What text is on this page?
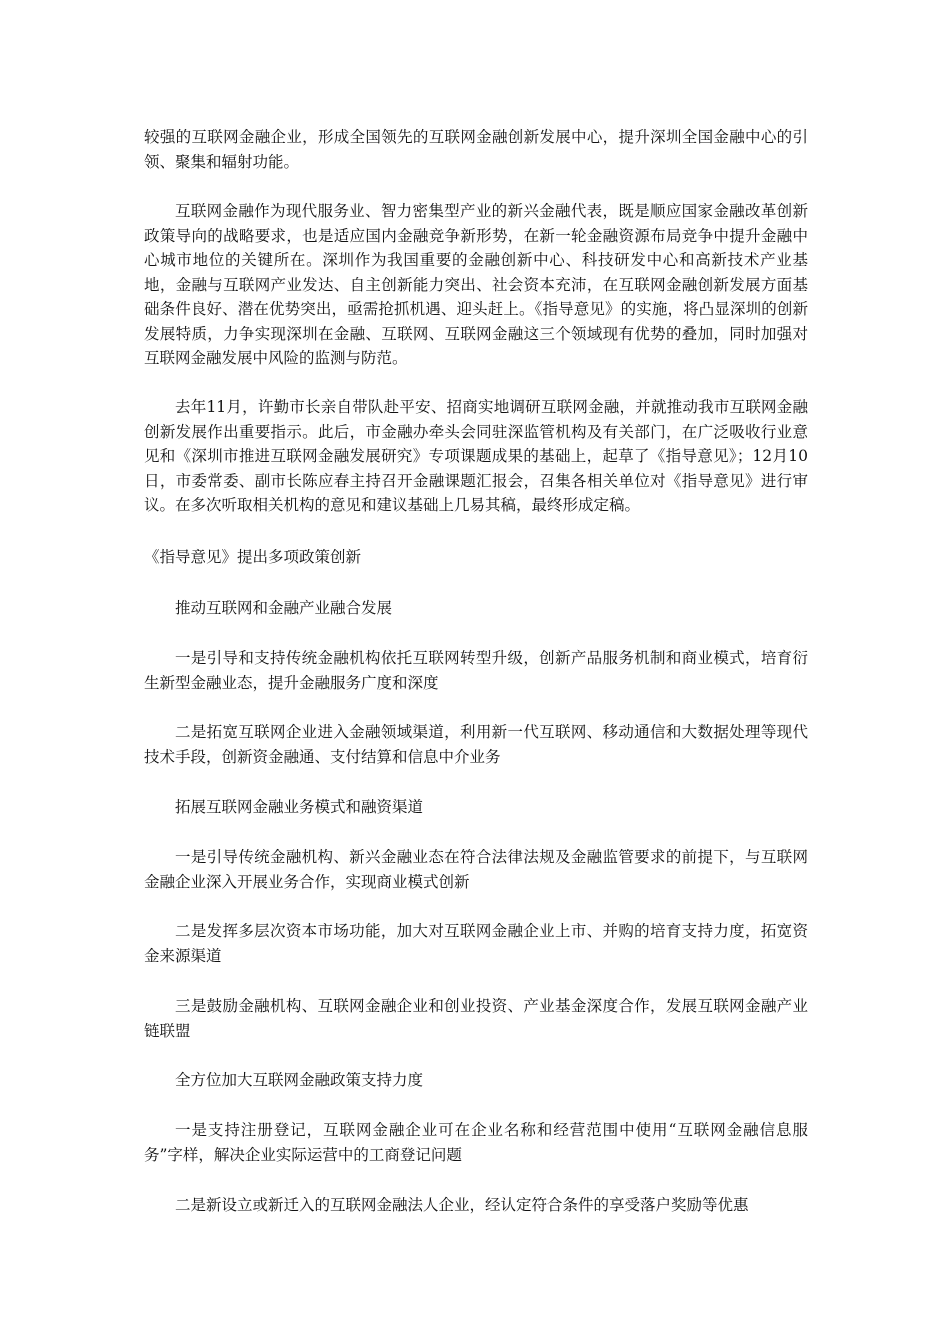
较强的互联网金融企业，形成全国领先的互联网金融创新发展中心，提升深圳全国金融中心的引领、聚集和辐射功能。

互联网金融作为现代服务业、智力密集型产业的新兴金融代表，既是顺应国家金融改革创新政策导向的战略要求，也是适应国内金融竞争新形势，在新一轮金融资源布局竞争中提升金融中心城市地位的关键所在。深圳作为我国重要的金融创新中心、科技研发中心和高新技术产业基地，金融与互联网产业发达、自主创新能力突出、社会资本充沛，在互联网金融创新发展方面基础条件良好、潜在优势突出，亟需抢抓机遇、迎头赶上。《指导意见》的实施，将凸显深圳的创新发展特质，力争实现深圳在金融、互联网、互联网金融这三个领域现有优势的叠加，同时加强对互联网金融发展中风险的监测与防范。

去年11月，许勤市长亲自带队赴平安、招商实地调研互联网金融，并就推动我市互联网金融创新发展作出重要指示。此后，市金融办牵头会同驻深监管机构及有关部门，在广泛吸收行业意见和《深圳市推进互联网金融发展研究》专项课题成果的基础上，起草了《指导意见》；12月10日，市委常委、副市长陈应春主持召开金融课题汇报会，召集各相关单位对《指导意见》进行审议。在多次听取相关机构的意见和建议基础上几易其稿，最终形成定稿。

《指导意见》提出多项政策创新

推动互联网和金融产业融合发展

一是引导和支持传统金融机构依托互联网转型升级，创新产品服务机制和商业模式，培育衍生新型金融业态，提升金融服务广度和深度

二是拓宽互联网企业进入金融领域渠道，利用新一代互联网、移动通信和大数据处理等现代技术手段，创新资金融通、支付结算和信息中介业务

拓展互联网金融业务模式和融资渠道

一是引导传统金融机构、新兴金融业态在符合法律法规及金融监管要求的前提下，与互联网金融企业深入开展业务合作，实现商业模式创新

二是发挥多层次资本市场功能，加大对互联网金融企业上市、并购的培育支持力度，拓宽资金来源渠道

三是鼓励金融机构、互联网金融企业和创业投资、产业基金深度合作，发展互联网金融产业链联盟

全方位加大互联网金融政策支持力度

一是支持注册登记，互联网金融企业可在企业名称和经营范围中使用“互联网金融信息服务”字样，解决企业实际运营中的工商登记问题

二是新设立或新迁入的互联网金融法人企业，经认定符合条件的享受落户奖励等优惠
